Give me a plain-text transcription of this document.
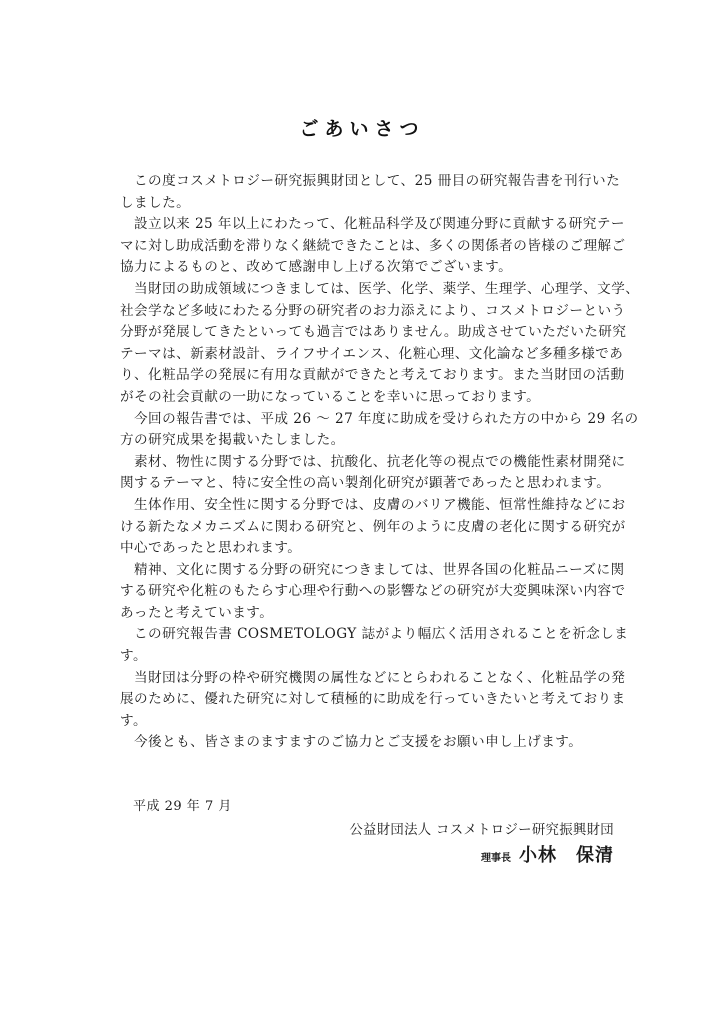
ごあいさつ
この度コスメトロジー研究振興財団として、25 冊目の研究報告書を刊行いた
しました。
設立以来 25 年以上にわたって、化粧品科学及び関連分野に貢献する研究テー
マに対し助成活動を滞りなく継続できたことは、多くの関係者の皆様のご理解ご
協力によるものと、改めて感謝申し上げる次第でございます。
当財団の助成領域につきましては、医学、化学、薬学、生理学、心理学、文学、
社会学など多岐にわたる分野の研究者のお力添えにより、コスメトロジーという
分野が発展してきたといっても過言ではありません。助成させていただいた研究
テーマは、新素材設計、ライフサイエンス、化粧心理、文化論など多種多様であ
り、化粧品学の発展に有用な貢献ができたと考えております。また当財団の活動
がその社会貢献の一助になっていることを幸いに思っております。
今回の報告書では、平成 26 ～ 27 年度に助成を受けられた方の中から 29 名の
方の研究成果を掲載いたしました。
素材、物性に関する分野では、抗酸化、抗老化等の視点での機能性素材開発に
関するテーマと、特に安全性の高い製剤化研究が顕著であったと思われます。
生体作用、安全性に関する分野では、皮膚のバリア機能、恒常性維持などにお
ける新たなメカニズムに関わる研究と、例年のように皮膚の老化に関する研究が
中心であったと思われます。
精神、文化に関する分野の研究につきましては、世界各国の化粧品ニーズに関
する研究や化粧のもたらす心理や行動への影響などの研究が大変興味深い内容で
あったと考えています。
この研究報告書 COSMETOLOGY 誌がより幅広く活用されることを祈念しま
す。
当財団は分野の枠や研究機関の属性などにとらわれることなく、化粧品学の発
展のために、優れた研究に対して積極的に助成を行っていきたいと考えておりま
す。
今後とも、皆さまのますますのご協力とご支援をお願い申し上げます。
平成 29 年 7 月
公益財団法人 コスメトロジー研究振興財団
理事長 小林　保清
